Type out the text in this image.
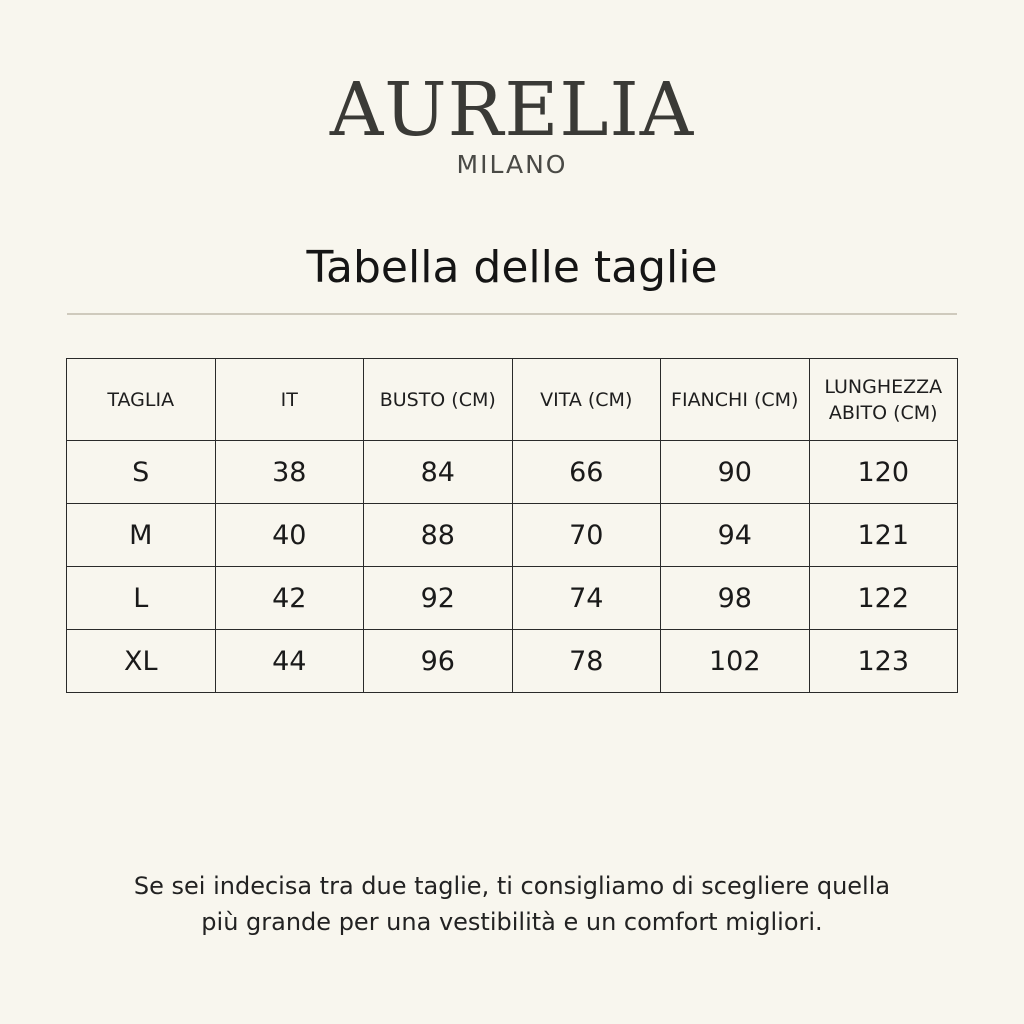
AURELIA
MILANO
Tabella delle taglie
TAGLIA	IT	BUSTO (CM)	VITA (CM)	FIANCHI (CM)	LUNGHEZZA
ABITO (CM)
S	38	84	66	90	120
M	40	88	70	94	121
L	42	92	74	98	122
XL	44	96	78	102	123
Se sei indecisa tra due taglie, ti consigliamo di scegliere quella
più grande per una vestibilità e un comfort migliori.
